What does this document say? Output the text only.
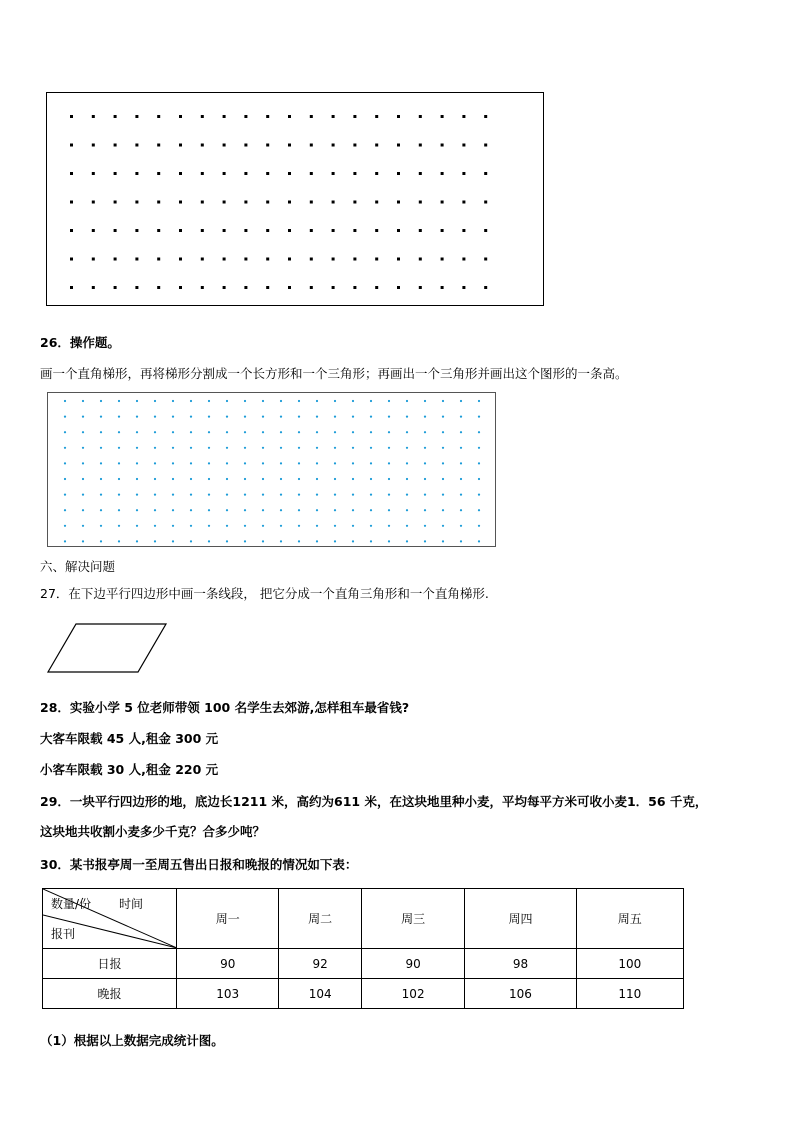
26．操作题。
画一个直角梯形，再将梯形分割成一个长方形和一个三角形；再画出一个三角形并画出这个图形的一条高。
六、解决问题
27．在下边平行四边形中画一条线段， 把它分成一个直角三角形和一个直角梯形.
28．实验小学 5 位老师带领 100 名学生去郊游,怎样租车最省钱?
大客车限载 45 人,租金 300 元
小客车限载 30 人,租金 220 元
29．一块平行四边形的地，底边长1211 米，高约为611 米，在这块地里种小麦，平均每平方米可收小麦1．56 千克，
这块地共收割小麦多少千克？合多少吨？
30．某书报亭周一至周五售出日报和晚报的情况如下表：
数量/份 时间
报刊	周一	周二	周三	周四	周五
日报	90	92	90	98	100
晚报	103	104	102	106	110
（1）根据以上数据完成统计图。
